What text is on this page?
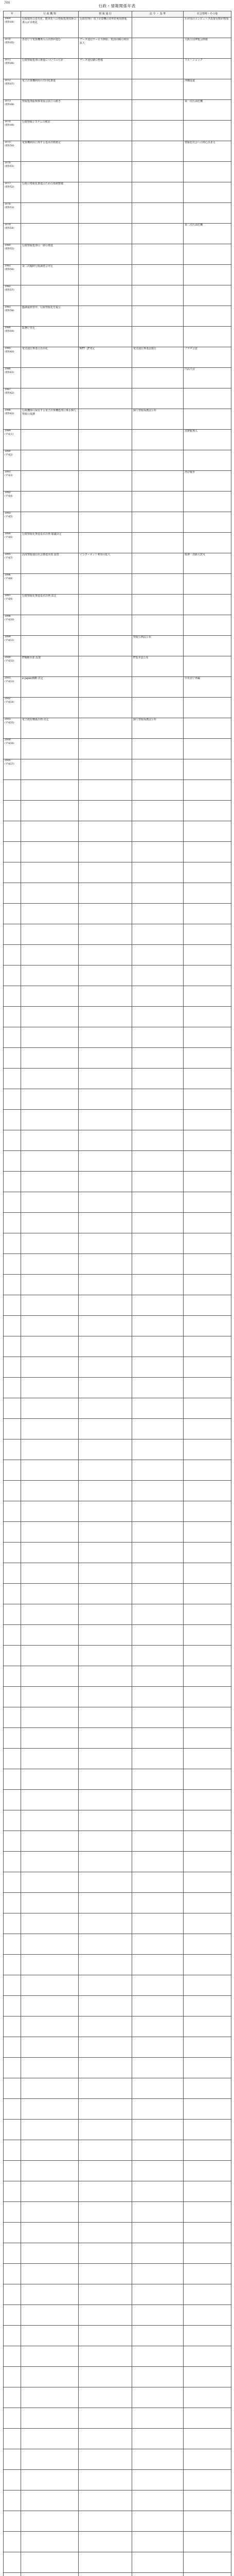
700
行政・情報関係年表
年	行 政 機 関	情 報 通 信	法 令 ・ 基 準	社会情勢・その他
1969
(昭和44)	行政運営の近代化、能率化への情報処理技術の導入が本格化	行政管理庁 電子計算機の効率的利用推進		わが国のコンピュータ設置台数が増加
1970
(昭和45)	各省庁で電算機導入の計画が進む	データ通信サービス開始、電話回線の利用拡大		大阪万国博覧会開催
1971
(昭和46)	行政情報処理の推進についての方針	データ通信網の整備		ドル・ショック
1972
(昭和47)	電子計算機利用の共同化推進			沖縄返還
1973
(昭和48)	情報処理振興事業協会設立の動き			第一次石油危機
1974
(昭和49)	行政情報システムの検討			
1975
(昭和50)	電算機利用に関する基本計画策定			情報化社会への関心高まる
1976
(昭和51)				
1977
(昭和52)	行政の情報化推進のための体制整備			
1978
(昭和53)				
1979
(昭和54)				第二次石油危機
1980
(昭和55)	行政情報処理の一層の推進			
1981
(昭和56)	第二次臨時行政調査会発足			
1982
(昭和57)				
1983
(昭和58)	臨調最終答申、行政情報化を提言			
1984
(昭和59)	総務庁発足			
1985
(昭和60)	電気通信事業の自由化	NTT・JT発足	電気通信事業法施行	プラザ合意
1986
(昭和61)				円高不況
1987
(昭和62)				
1988
(昭和63)	行政機関の保有する電子計算機処理に係る個人情報の保護		個人情報保護法公布	
1989
(平成元)				消費税導入
1990
(平成2)				
1991
(平成3)				湾岸戦争
1992
(平成4)				
1993
(平成5)				
1994
(平成6)	行政情報化推進基本計画 閣議決定			
1995
(平成7)	高度情報通信社会推進本部 設置	インターネット利用の拡大		阪神・淡路大震災
1996
(平成8)				
1997
(平成9)	行政情報化推進基本計画 改定			
1998
(平成10)				
1999
(平成11)			情報公開法公布	
2000
(平成12)	IT戦略本部 設置		IT基本法公布	
2001
(平成13)	e-Japan戦略 決定			中央省庁再編
2002
(平成14)				
2003
(平成15)	電子政府構築計画 決定		個人情報保護法公布	
2004
(平成16)				
2005
(平成17)				
